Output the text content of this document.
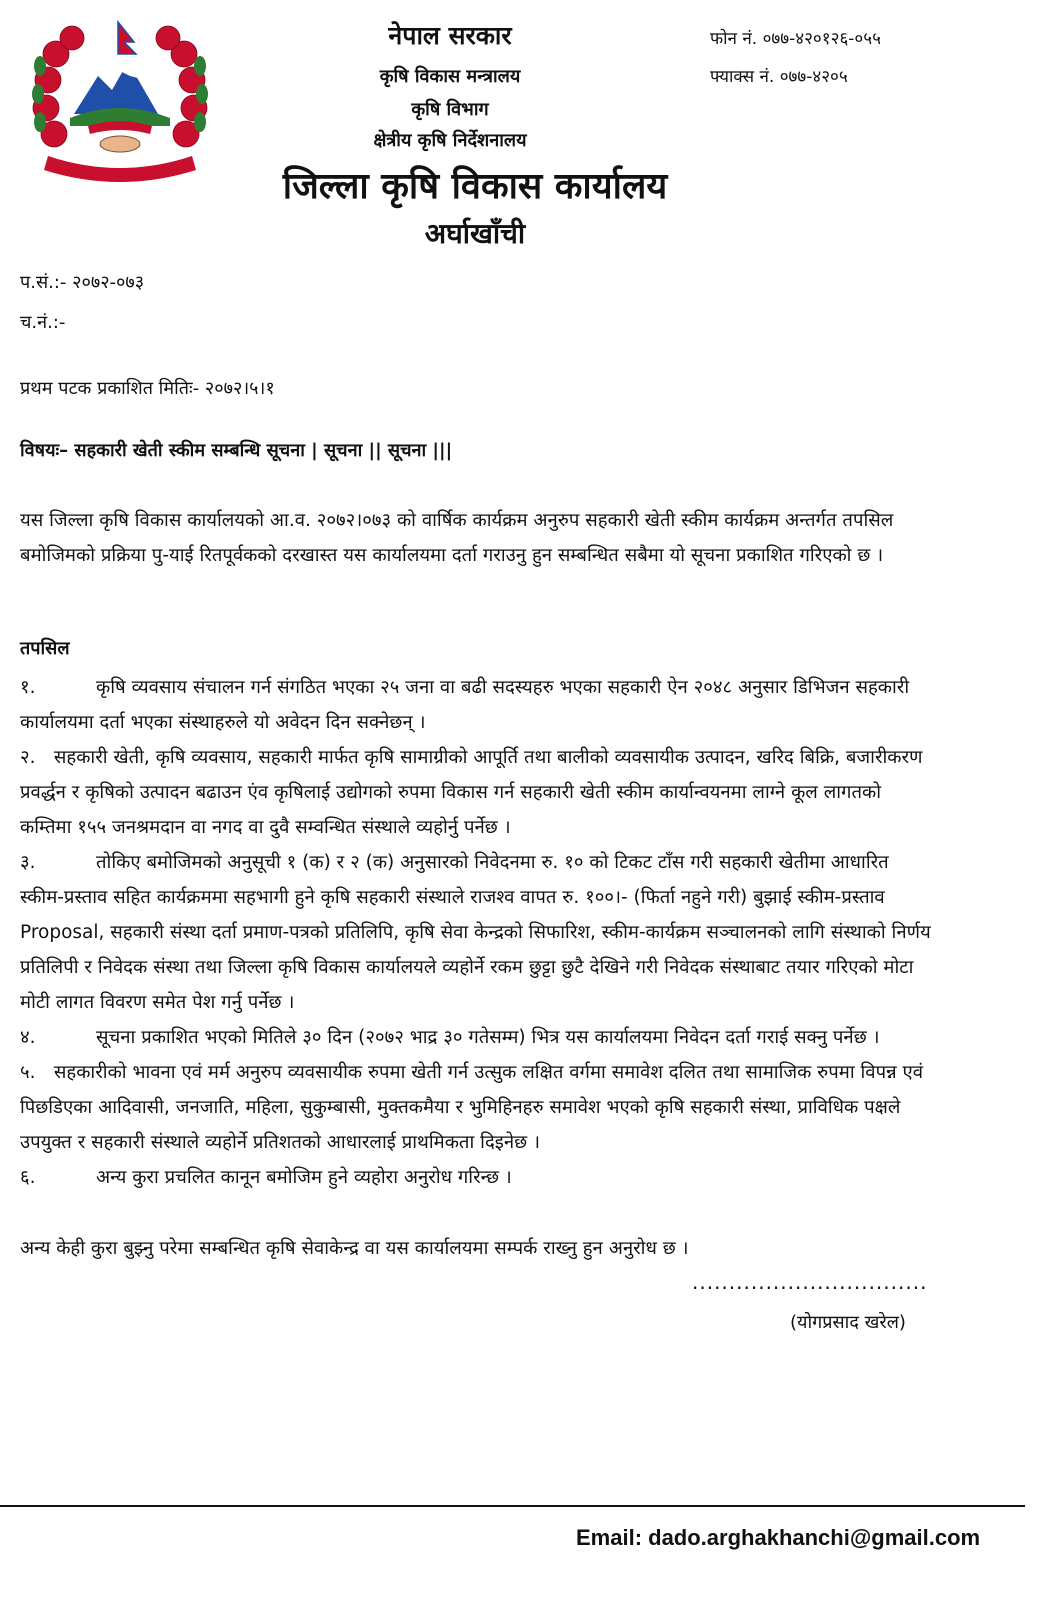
नेपाल सरकार
कृषि विकास मन्त्रालय
कृषि विभाग
क्षेत्रीय कृषि निर्देशनालय
जिल्ला कृषि विकास कार्यालय
अर्घाखाँची
फोन नं. ०७७-४२०१२६-०५५
फ्याक्स नं. ०७७-४२०५
प.सं.:- २०७२-०७३
च.नं.:-
प्रथम पटक प्रकाशित मितिः- २०७२।५।१
विषयः– सहकारी खेती स्कीम सम्बन्धि सूचना | सूचना || सूचना |||
यस जिल्ला कृषि विकास कार्यालयको आ.व. २०७२।०७३ को वार्षिक कार्यक्रम अनुरुप सहकारी खेती स्कीम कार्यक्रम अन्तर्गत तपसिल बमोजिमको प्रक्रिया पु-याई रितपूर्वकको दरखास्त यस कार्यालयमा दर्ता गराउनु हुन सम्बन्धित सबैमा यो सूचना प्रकाशित गरिएको छ ।
तपसिल

१.	कृषि व्यवसाय संचालन गर्न संगठित भएका २५ जना वा बढी सदस्यहरु भएका सहकारी ऐन २०४८ अनुसार डिभिजन सहकारी कार्यालयमा दर्ता भएका संस्थाहरुले यो अवेदन दिन सक्नेछन् ।

२. सहकारी खेती, कृषि व्यवसाय, सहकारी मार्फत कृषि सामाग्रीको आपूर्ति तथा बालीको व्यवसायीक उत्पादन, खरिद बिक्रि, बजारीकरण प्रवर्द्धन र कृषिको उत्पादन बढाउन एंव कृषिलाई उद्योगको रुपमा विकास गर्न सहकारी खेती स्कीम कार्यान्वयनमा लाग्ने कूल लागतको कम्तिमा १५५ जनश्रमदान वा नगद वा दुवै सम्वन्धित संस्थाले व्यहोर्नु पर्नेछ ।

३.	तोकिए बमोजिमको अनुसूची १ (क) र २ (क) अनुसारको निवेदनमा रु. १० को टिकट टाँस गरी सहकारी खेतीमा आधारित स्कीम-प्रस्ताव सहित कार्यक्रममा सहभागी हुने कृषि सहकारी संस्थाले राजश्व वापत रु. १००।- (फिर्ता नहुने गरी) बुझाई स्कीम-प्रस्ताव Proposal, सहकारी संस्था दर्ता प्रमाण-पत्रको प्रतिलिपि, कृषि सेवा केन्द्रको सिफारिश, स्कीम-कार्यक्रम सञ्चालनको लागि संस्थाको निर्णय प्रतिलिपी र निवेदक संस्था तथा जिल्ला कृषि विकास कार्यालयले व्यहोर्ने रकम छुट्टा छुटै देखिने गरी निवेदक संस्थाबाट तयार गरिएको मोटा मोटी लागत विवरण समेत पेश गर्नु पर्नेछ ।

४.	सूचना प्रकाशित भएको मितिले ३० दिन (२०७२ भाद्र ३० गतेसम्म) भित्र यस कार्यालयमा निवेदन दर्ता गराई सक्नु पर्नेछ ।

५. सहकारीको भावना एवं मर्म अनुरुप व्यवसायीक रुपमा खेती गर्न उत्सुक लक्षित वर्गमा समावेश दलित तथा सामाजिक रुपमा विपन्न एवं पिछडिएका आदिवासी, जनजाति, महिला, सुकुम्बासी, मुक्तकमैया र भुमिहिनहरु समावेश भएको कृषि सहकारी संस्था, प्राविधिक पक्षले उपयुक्त र सहकारी संस्थाले व्यहोर्ने प्रतिशतको आधारलाई प्राथमिकता दिइनेछ ।

६.	अन्य कुरा प्रचलित कानून बमोजिम हुने व्यहोरा अनुरोध गरिन्छ ।

अन्य केही कुरा बुझ्नु परेमा सम्बन्धित कृषि सेवाकेन्द्र वा यस कार्यालयमा सम्पर्क राख्नु हुन अनुरोध छ ।
................................
(योगप्रसाद खरेल)
Email: dado.arghakhanchi@gmail.com
